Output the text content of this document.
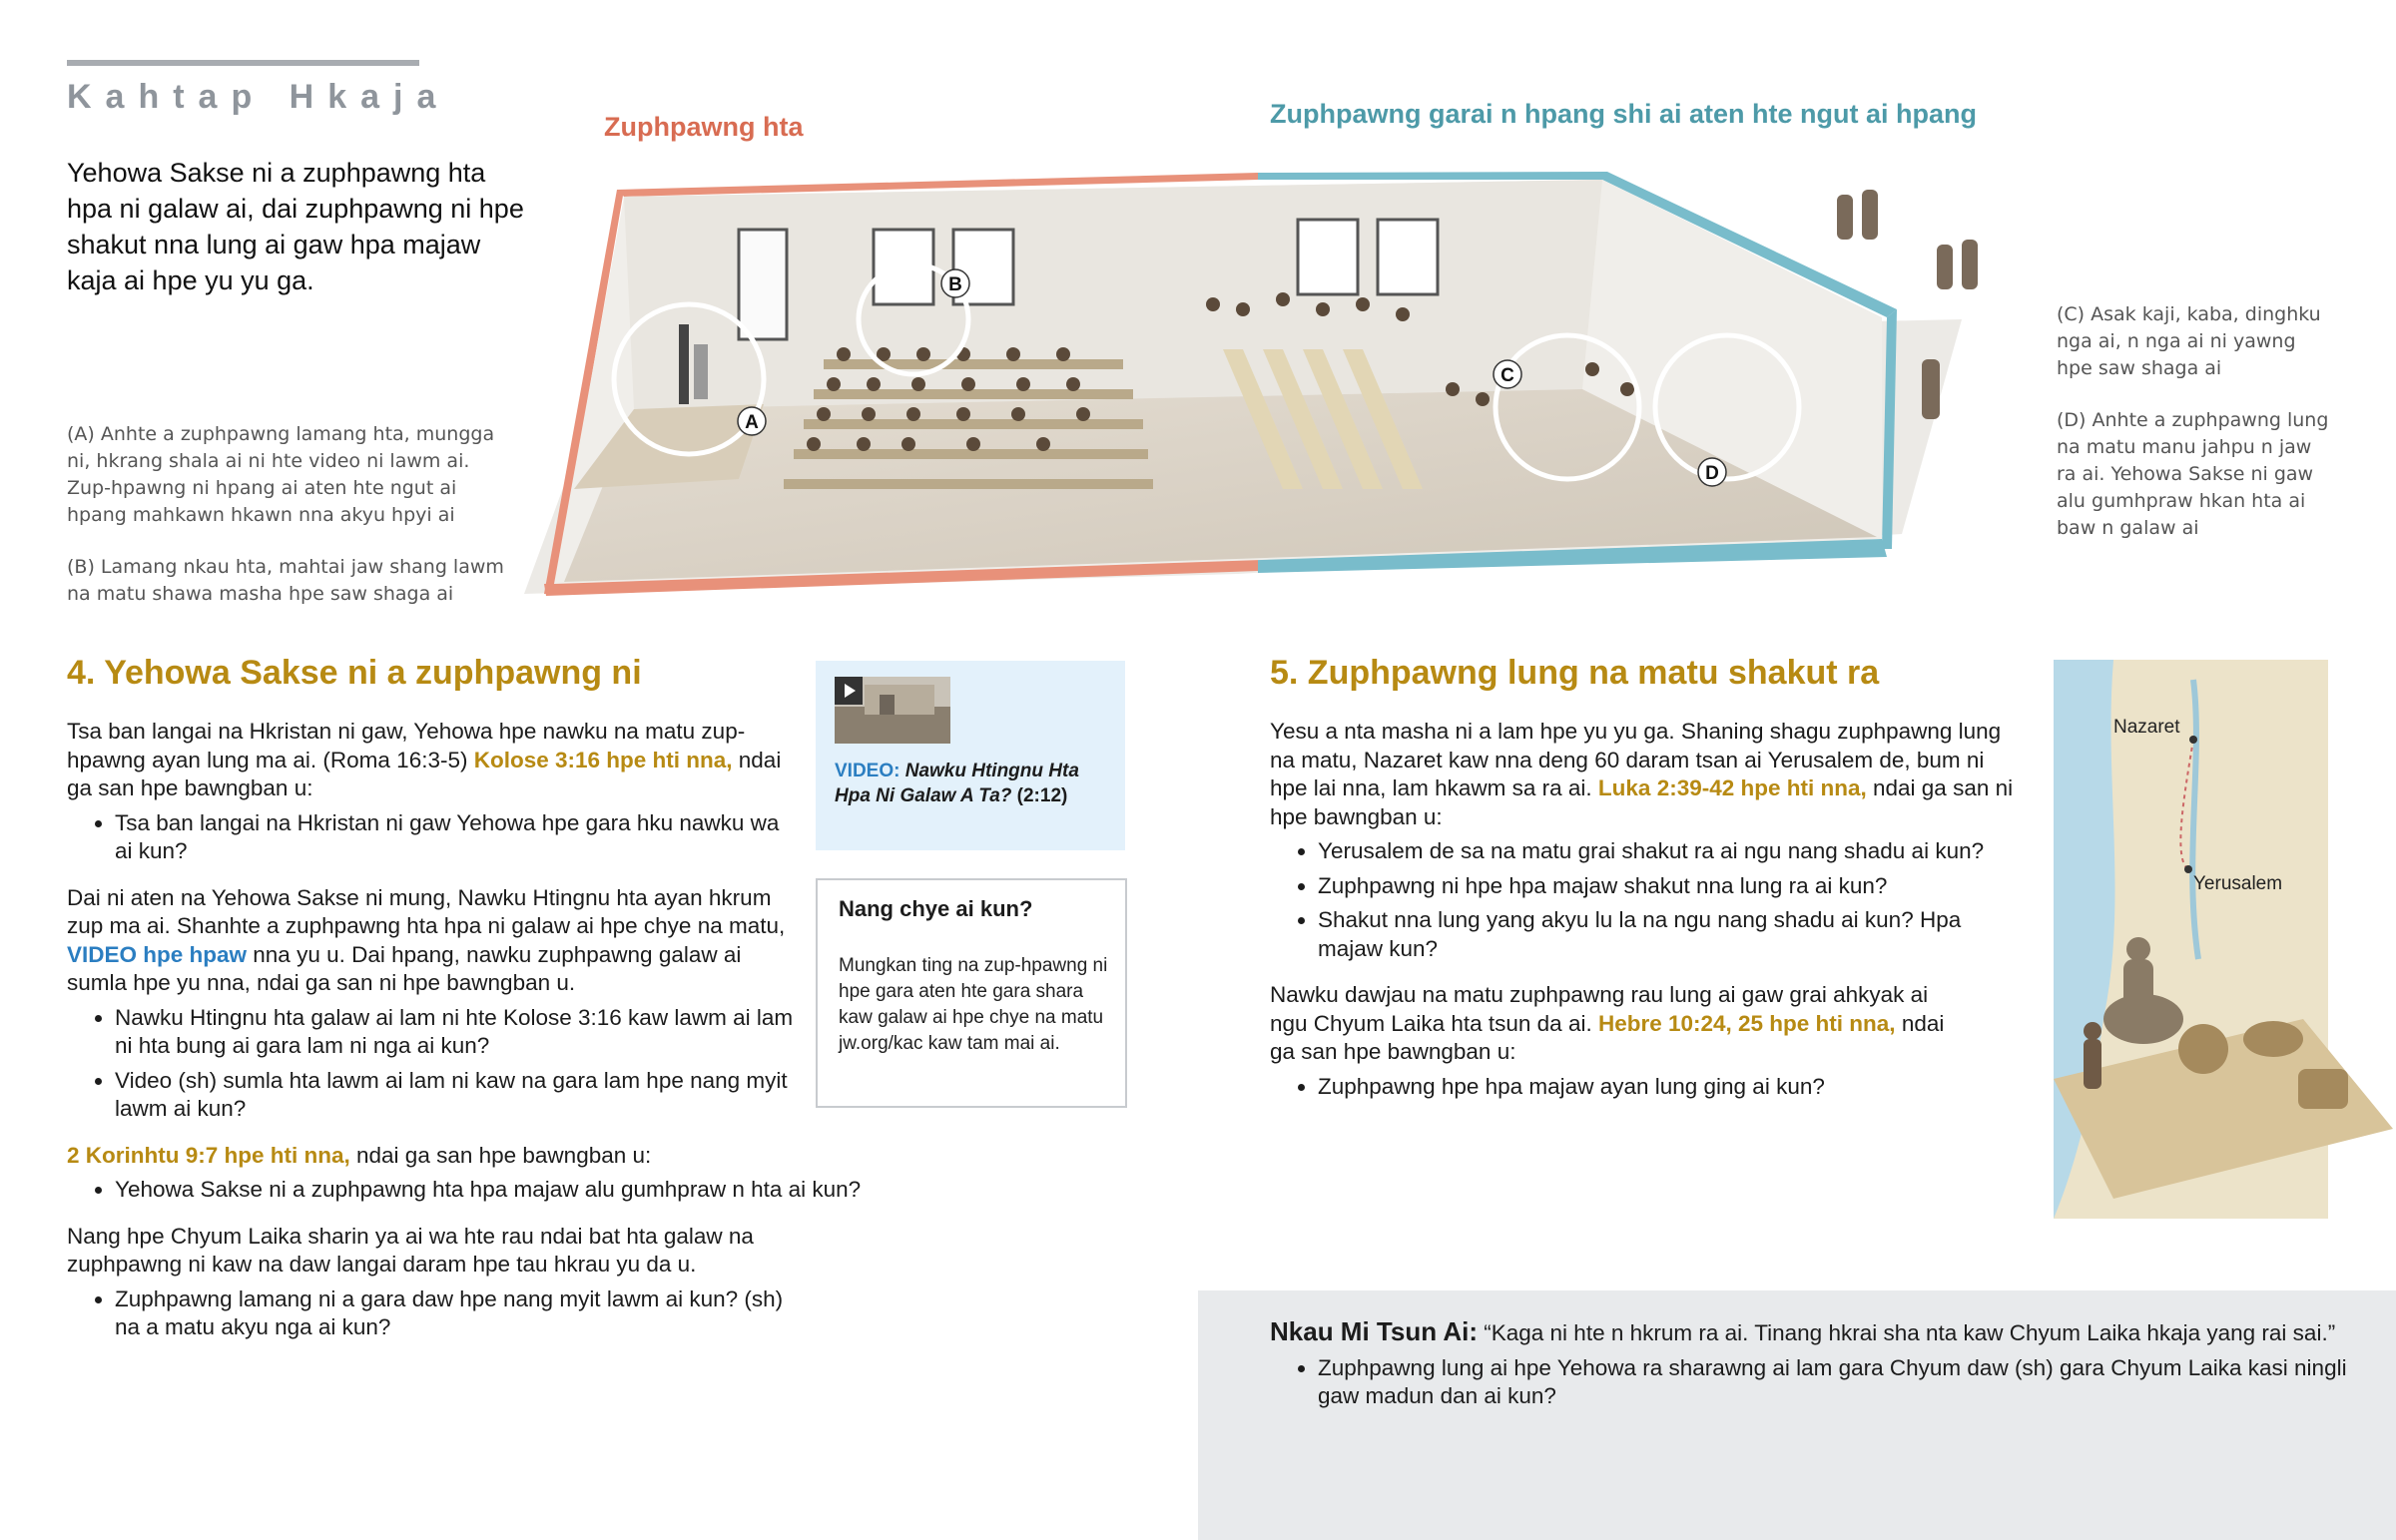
Kahtap Hkaja
Yehowa Sakse ni a zuphpawng hta hpa ni galaw ai, dai zuphpawng ni hpe shakut nna lung ai gaw hpa majaw kaja ai hpe yu yu ga.
Zuphpawng hta	Zuphpawng garai n hpang shi ai aten hte ngut ai hpang
A
B
C
D
(A) Anhte a zuphpawng lamang hta, mungga ni, hkrang shala ai ni hte video ni lawm ai. Zup-hpawng ni hpang ai aten hte ngut ai hpang mahkawn hkawn nna akyu hpyi ai
(B) Lamang nkau hta, mahtai jaw shang lawm na matu shawa masha hpe saw shaga ai
(C) Asak kaji, kaba, dinghku nga ai, n nga ai ni yawng hpe saw shaga ai
(D) Anhte a zuphpawng lung na matu manu jahpu n jaw ra ai. Yehowa Sakse ni gaw alu gumhpraw hkan hta ai baw n galaw ai
4. Yehowa Sakse ni a zuphpawng ni
Tsa ban langai na Hkristan ni gaw, Yehowa hpe nawku na matu zup-hpawng ayan lung ma ai. (Roma 16:3-5) Kolose 3:16 hpe hti nna, ndai ga san hpe bawngban u:
• Tsa ban langai na Hkristan ni gaw Yehowa hpe gara hku nawku wa ai kun?
Dai ni aten na Yehowa Sakse ni mung, Nawku Htingnu hta ayan hkrum zup ma ai. Shanhte a zuphpawng hta hpa ni galaw ai hpe chye na matu, VIDEO hpe hpaw nna yu u. Dai hpang, nawku zuphpawng galaw ai sumla hpe yu nna, ndai ga san ni hpe bawngban u.
• Nawku Htingnu hta galaw ai lam ni hte Kolose 3:16 kaw lawm ai lam ni hta bung ai gara lam ni nga ai kun?
• Video (sh) sumla hta lawm ai lam ni kaw na gara lam hpe nang myit lawm ai kun?
2 Korinhtu 9:7 hpe hti nna, ndai ga san hpe bawngban u:
• Yehowa Sakse ni a zuphpawng hta hpa majaw alu gumhpraw n hta ai kun?
Nang hpe Chyum Laika sharin ya ai wa hte rau ndai bat hta galaw na zuphpawng ni kaw na daw langai daram hpe tau hkrau yu da u.
• Zuphpawng lamang ni a gara daw hpe nang myit lawm ai kun? (sh) na a matu akyu nga ai kun?
VIDEO: Nawku Htingnu Hta Hpa Ni Galaw A Ta? (2:12)
Nang chye ai kun?
Mungkan ting na zup-hpawng ni hpe gara aten hte gara shara kaw galaw ai hpe chye na matu jw.org/kac kaw tam mai ai.
5. Zuphpawng lung na matu shakut ra
Yesu a nta masha ni a lam hpe yu yu ga. Shaning shagu zuphpawng lung na matu, Nazaret kaw nna deng 60 daram tsan ai Yerusalem de, bum ni hpe lai nna, lam hkawm sa ra ai. Luka 2:39-42 hpe hti nna, ndai ga san ni hpe bawngban u:
• Yerusalem de sa na matu grai shakut ra ai ngu nang shadu ai kun?
• Zuphpawng ni hpe hpa majaw shakut nna lung ra ai kun?
• Shakut nna lung yang akyu lu la na ngu nang shadu ai kun? Hpa majaw kun?
Nawku dawjau na matu zuphpawng rau lung ai gaw grai ahkyak ai ngu Chyum Laika hta tsun da ai. Hebre 10:24, 25 hpe hti nna, ndai ga san hpe bawngban u:
• Zuphpawng hpe hpa majaw ayan lung ging ai kun?
Nazaret
Yerusalem
Nkau Mi Tsun Ai: “Kaga ni hte n hkrum ra ai. Tinang hkrai sha nta kaw Chyum Laika hkaja yang rai sai.”
• Zuphpawng lung ai hpe Yehowa ra sharawng ai lam gara Chyum daw (sh) gara Chyum Laika kasi ningli gaw madun dan ai kun?
